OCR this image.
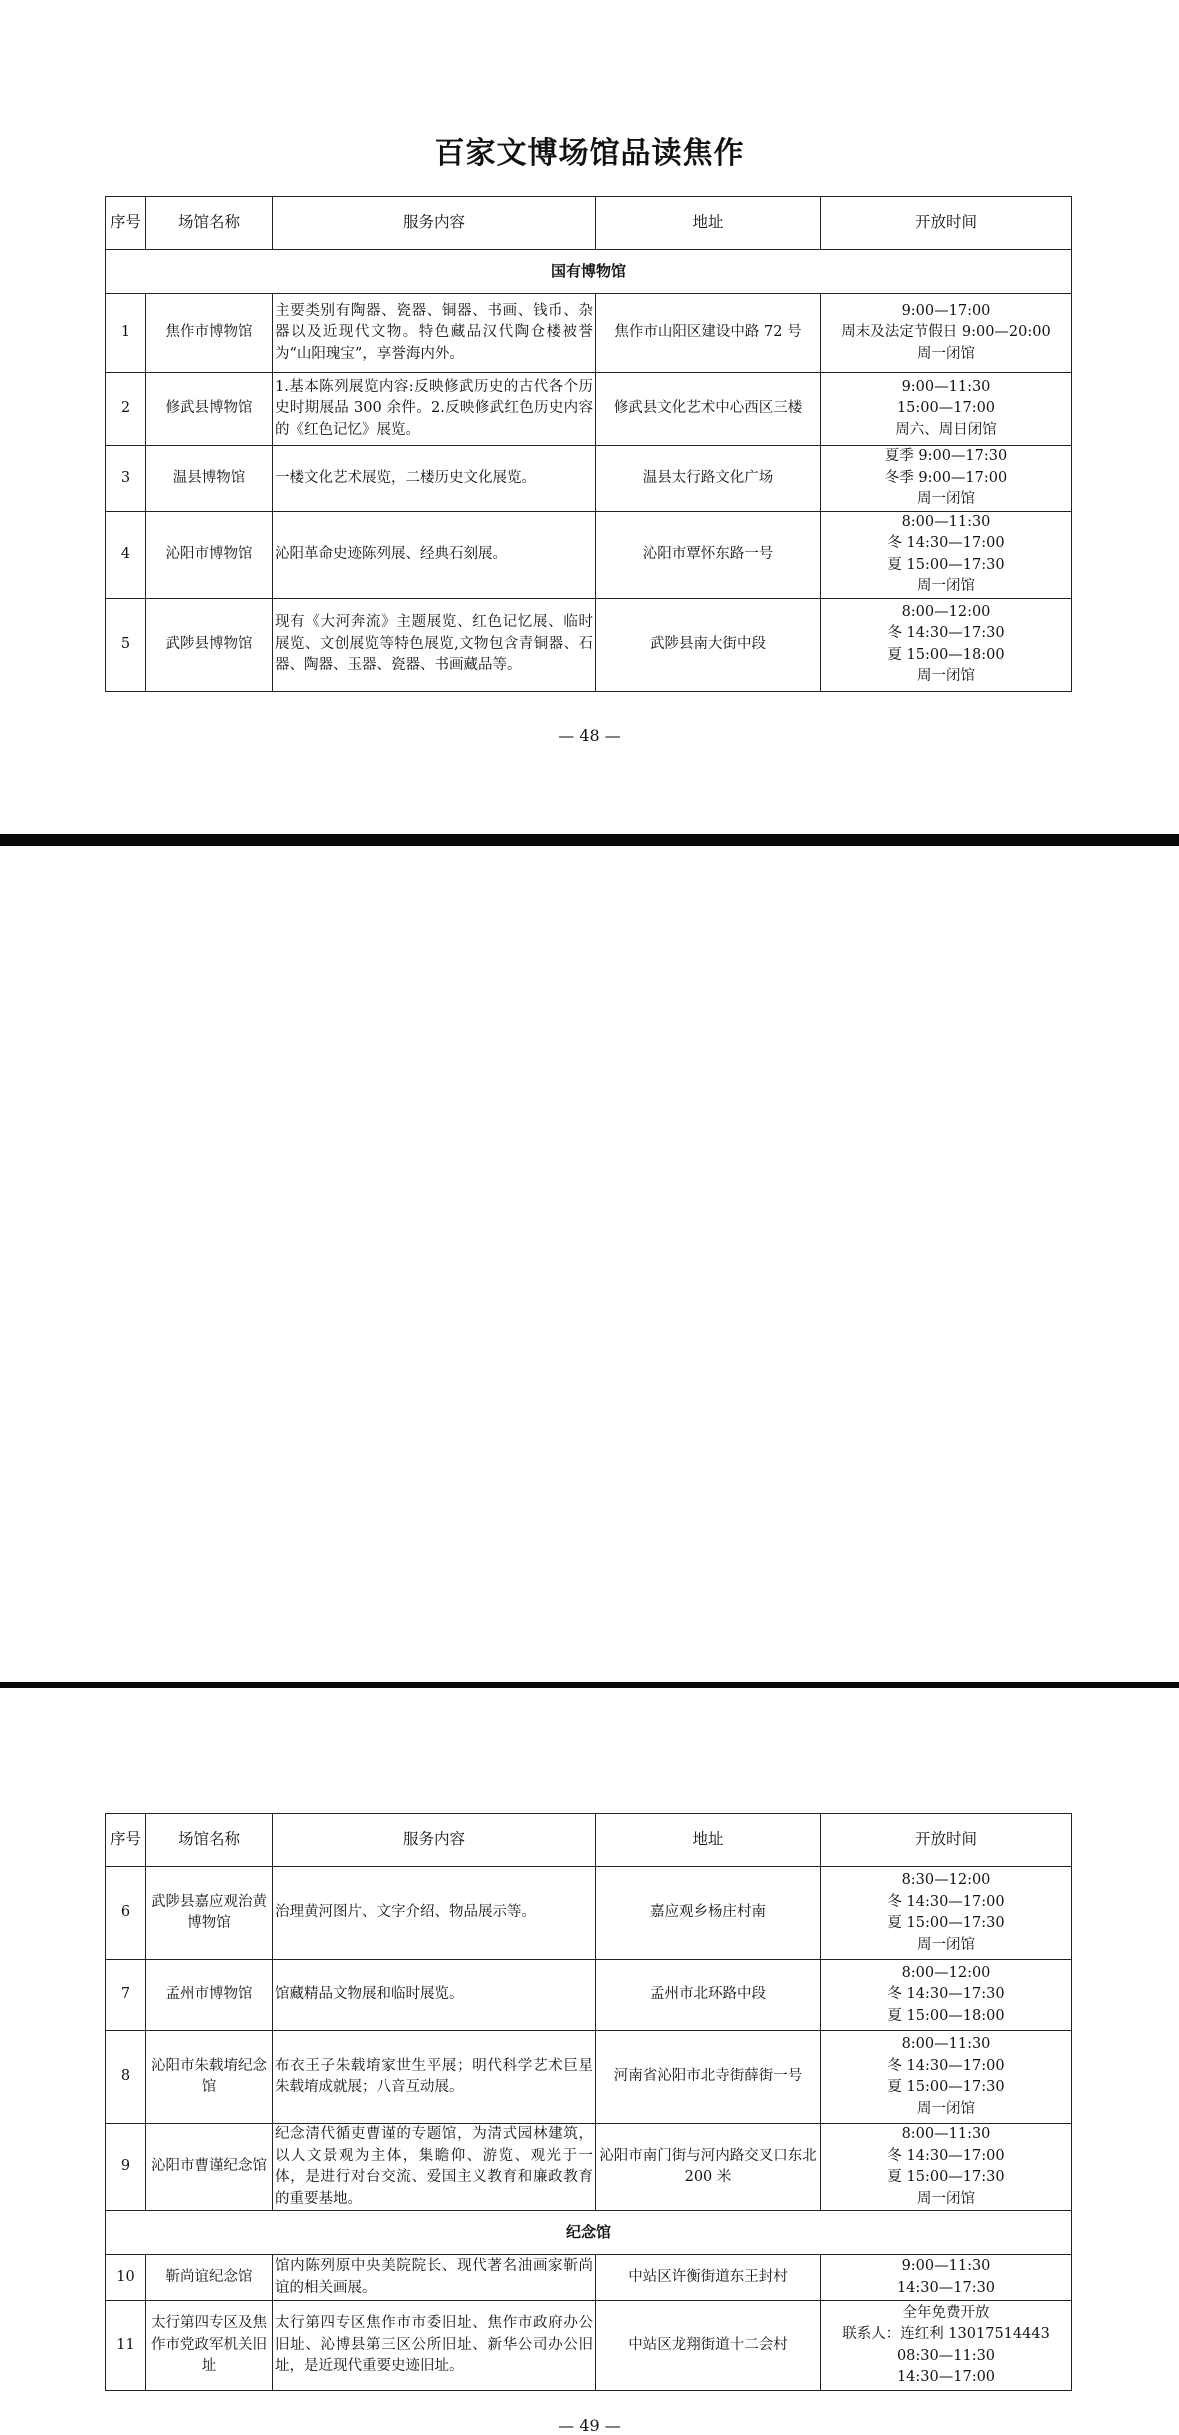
百家文博场馆品读焦作
序号	场馆名称	服务内容	地址	开放时间
国有博物馆				
1	焦作市博物馆	主要类别有陶器、瓷器、铜器、书画、钱币、杂器以及近现代文物。特色藏品汉代陶仓楼被誉为“山阳瑰宝”，享誉海内外。	焦作市山阳区建设中路 72 号	9:00—17:00
周末及法定节假日 9:00—20:00
周一闭馆

2	修武县博物馆	1.基本陈列展览内容:反映修武历史的古代各个历史时期展品 300 余件。2.反映修武红色历史内容的《红色记忆》展览。	修武县文化艺术中心西区三楼	9:00—11:30
15:00—17:00
周六、周日闭馆

3	温县博物馆	一楼文化艺术展览，二楼历史文化展览。	温县太行路文化广场	夏季 9:00—17:30
冬季 9:00—17:00
周一闭馆

4	沁阳市博物馆	沁阳革命史迹陈列展、经典石刻展。	沁阳市覃怀东路一号	8:00—11:30
冬 14:30—17:00
夏 15:00—17:30
周一闭馆

5	武陟县博物馆	现有《大河奔流》主题展览、红色记忆展、临时展览、文创展览等特色展览,文物包含青铜器、石器、陶器、玉器、瓷器、书画藏品等。	武陟县南大街中段	8:00—12:00
冬 14:30—17:30
夏 15:00—18:00
周一闭馆
— 48 —
序号	场馆名称	服务内容	地址	开放时间
6	武陟县嘉应观治黄博物馆	治理黄河图片、文字介绍、物品展示等。	嘉应观乡杨庄村南	8:30—12:00
冬 14:30—17:00
夏 15:00—17:30
周一闭馆

7	孟州市博物馆	馆藏精品文物展和临时展览。	孟州市北环路中段	8:00—12:00
冬 14:30—17:30
夏 15:00—18:00

8	沁阳市朱载堉纪念馆	布衣王子朱载堉家世生平展；明代科学艺术巨星朱载堉成就展；八音互动展。	河南省沁阳市北寺街薛街一号	8:00—11:30
冬 14:30—17:00
夏 15:00—17:30
周一闭馆

9	沁阳市曹谨纪念馆	纪念清代循吏曹谨的专题馆，为清式园林建筑，以人文景观为主体，集瞻仰、游览、观光于一体，是进行对台交流、爱国主义教育和廉政教育的重要基地。	沁阳市南门街与河内路交叉口东北 200 米	8:00—11:30
冬 14:30—17:00
夏 15:00—17:30
周一闭馆

纪念馆				
10	靳尚谊纪念馆	馆内陈列原中央美院院长、现代著名油画家靳尚谊的相关画展。	中站区许衡街道东王封村	9:00—11:30
14:30—17:30

11	太行第四专区及焦作市党政军机关旧址	太行第四专区焦作市市委旧址、焦作市政府办公旧址、沁博县第三区公所旧址、新华公司办公旧址，是近现代重要史迹旧址。	中站区龙翔街道十二会村	全年免费开放
联系人：连红利 13017514443
08:30—11:30
14:30—17:00
— 49 —
